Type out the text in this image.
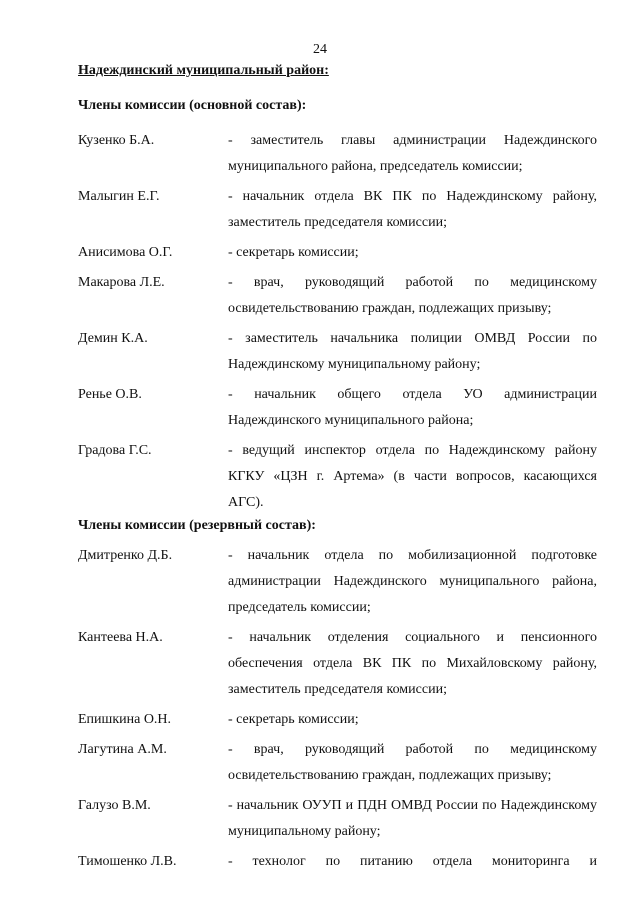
24
Надеждинский муниципальный район:
Члены комиссии (основной состав):
Кузенко Б.А.	- заместитель главы администрации Надеждинского муниципального района, председатель комиссии;
Малыгин Е.Г.	- начальник отдела ВК ПК по Надеждинскому району, заместитель председателя комиссии;
Анисимова О.Г.	- секретарь комиссии;
Макарова Л.Е.	- врач, руководящий работой по медицинскому освидетельствованию граждан, подлежащих призыву;
Демин К.А.	- заместитель начальника полиции ОМВД России по Надеждинскому муниципальному району;
Ренье О.В.	- начальник общего отдела УО администрации Надеждинского муниципального района;
Градова Г.С.	- ведущий инспектор отдела по Надеждинскому району КГКУ «ЦЗН г. Артема» (в части вопросов, касающихся АГС).
Члены комиссии (резервный состав):
Дмитренко Д.Б.	- начальник отдела по мобилизационной подготовке администрации Надеждинского муниципального района, председатель комиссии;
Кантеева Н.А.	- начальник отделения социального и пенсионного обеспечения отдела ВК ПК по Михайловскому району, заместитель председателя комиссии;
Епишкина О.Н.	- секретарь комиссии;
Лагутина А.М.	- врач, руководящий работой по медицинскому освидетельствованию граждан, подлежащих призыву;
Галузо В.М.	- начальник ОУУП и ПДН ОМВД России по Надеждинскому муниципальному району;
Тимошенко Л.В.	- технолог по питанию отдела мониторинга и
